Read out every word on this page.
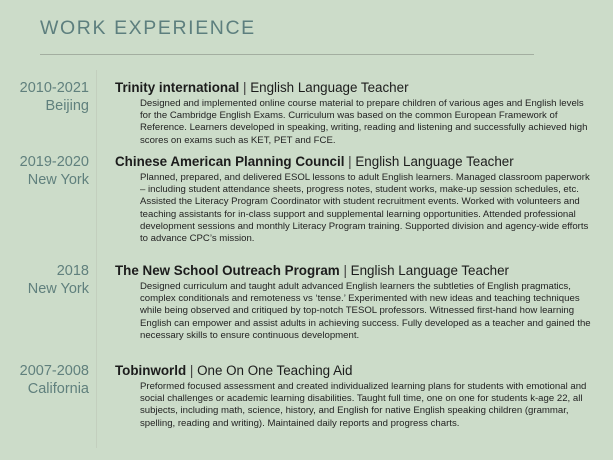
WORK EXPERIENCE
2010-2021
Beijing
Trinity international | English Language Teacher
Designed and implemented online course material to prepare children of various ages and English levels for the Cambridge English Exams. Curriculum was based on the common European Framework of Reference. Learners developed in speaking, writing, reading and listening and successfully achieved high scores on exams such as KET, PET and FCE.
2019-2020
New York
Chinese American Planning Council | English Language Teacher
Planned, prepared, and delivered ESOL lessons to adult English learners. Managed classroom paperwork – including student attendance sheets, progress notes, student works, make-up session schedules, etc. Assisted the Literacy Program Coordinator with student recruitment events. Worked with volunteers and teaching assistants for in-class support and supplemental learning opportunities. Attended professional development sessions and monthly Literacy Program training. Supported division and agency-wide efforts to advance CPC’s mission.
2018
New York
The New School Outreach Program | English Language Teacher
Designed curriculum and taught adult advanced English learners the subtleties of English pragmatics, complex conditionals and remoteness vs ‘tense.’ Experimented with new ideas and teaching techniques while being observed and critiqued by top-notch TESOL professors. Witnessed first-hand how learning English can empower and assist adults in achieving success. Fully developed as a teacher and gained the necessary skills to ensure continuous development.
2007-2008
California
Tobinworld | One On One Teaching Aid
Preformed focused assessment and created individualized learning plans for students with emotional and social challenges or academic learning disabilities. Taught full time, one on one for students k-age 22, all subjects, including math, science, history, and English for native English speaking children (grammar, spelling, reading and writing). Maintained daily reports and progress charts.
